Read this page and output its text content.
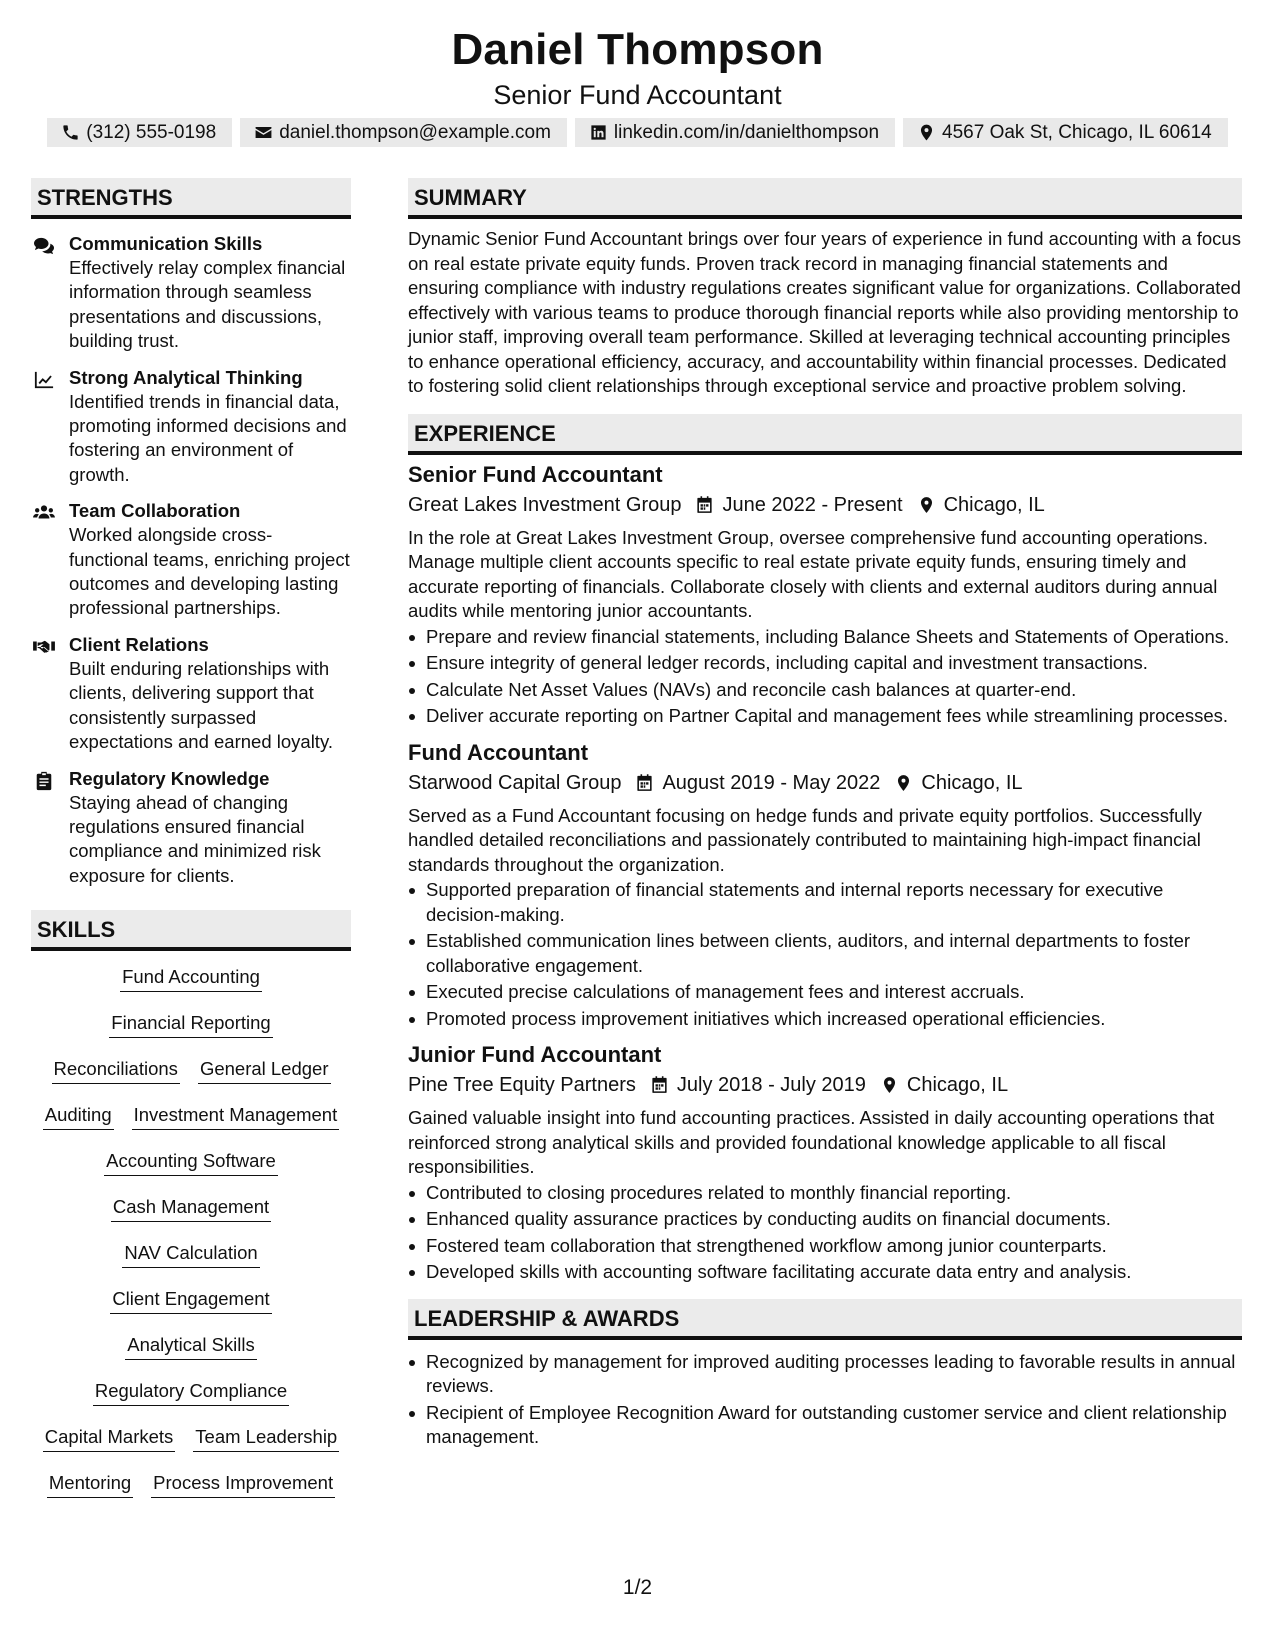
Daniel Thompson
Senior Fund Accountant
(312) 555-0198	daniel.thompson@example.com	linkedin.com/in/danielthompson	4567 Oak St, Chicago, IL 60614
STRENGTHS
Communication Skills
Effectively relay complex financial information through seamless presentations and discussions, building trust.
Strong Analytical Thinking
Identified trends in financial data, promoting informed decisions and fostering an environment of growth.
Team Collaboration
Worked alongside cross-functional teams, enriching project outcomes and developing lasting professional partnerships.
Client Relations
Built enduring relationships with clients, delivering support that consistently surpassed expectations and earned loyalty.
Regulatory Knowledge
Staying ahead of changing regulations ensured financial compliance and minimized risk exposure for clients.
SKILLS
Fund Accounting
Financial Reporting
Reconciliations General Ledger
Auditing Investment Management
Accounting Software
Cash Management
NAV Calculation
Client Engagement
Analytical Skills
Regulatory Compliance
Capital Markets Team Leadership
Mentoring Process Improvement
SUMMARY
Dynamic Senior Fund Accountant brings over four years of experience in fund accounting with a focus on real estate private equity funds. Proven track record in managing financial statements and ensuring compliance with industry regulations creates significant value for organizations. Collaborated effectively with various teams to produce thorough financial reports while also providing mentorship to junior staff, improving overall team performance. Skilled at leveraging technical accounting principles to enhance operational efficiency, accuracy, and accountability within financial processes. Dedicated to fostering solid client relationships through exceptional service and proactive problem solving.
EXPERIENCE
Senior Fund Accountant
Great Lakes Investment Group June 2022 - Present Chicago, IL
In the role at Great Lakes Investment Group, oversee comprehensive fund accounting operations. Manage multiple client accounts specific to real estate private equity funds, ensuring timely and accurate reporting of financials. Collaborate closely with clients and external auditors during annual audits while mentoring junior accountants.
Prepare and review financial statements, including Balance Sheets and Statements of Operations.
Ensure integrity of general ledger records, including capital and investment transactions.
Calculate Net Asset Values (NAVs) and reconcile cash balances at quarter-end.
Deliver accurate reporting on Partner Capital and management fees while streamlining processes.
Fund Accountant
Starwood Capital Group August 2019 - May 2022 Chicago, IL
Served as a Fund Accountant focusing on hedge funds and private equity portfolios. Successfully handled detailed reconciliations and passionately contributed to maintaining high-impact financial standards throughout the organization.
Supported preparation of financial statements and internal reports necessary for executive decision-making.
Established communication lines between clients, auditors, and internal departments to foster collaborative engagement.
Executed precise calculations of management fees and interest accruals.
Promoted process improvement initiatives which increased operational efficiencies.
Junior Fund Accountant
Pine Tree Equity Partners July 2018 - July 2019 Chicago, IL
Gained valuable insight into fund accounting practices. Assisted in daily accounting operations that reinforced strong analytical skills and provided foundational knowledge applicable to all fiscal responsibilities.
Contributed to closing procedures related to monthly financial reporting.
Enhanced quality assurance practices by conducting audits on financial documents.
Fostered team collaboration that strengthened workflow among junior counterparts.
Developed skills with accounting software facilitating accurate data entry and analysis.
LEADERSHIP & AWARDS
Recognized by management for improved auditing processes leading to favorable results in annual reviews.
Recipient of Employee Recognition Award for outstanding customer service and client relationship management.
1/2
